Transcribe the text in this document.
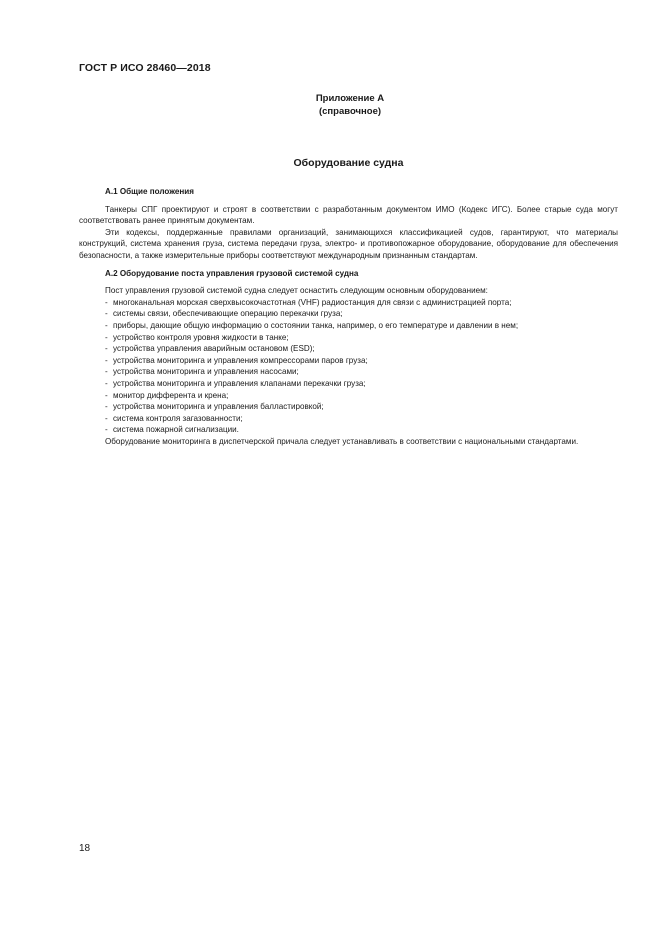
ГОСТ Р ИСО 28460—2018
Приложение А
(справочное)
Оборудование судна
А.1 Общие положения

Танкеры СПГ проектируют и строят в соответствии с разработанным документом ИМО (Кодекс ИГС). Более старые суда могут соответствовать ранее принятым документам.

Эти кодексы, поддержанные правилами организаций, занимающихся классификацией судов, гарантируют, что материалы конструкций, система хранения груза, система передачи груза, электро- и противопожарное оборудование, оборудование для обеспечения безопасности, а также измерительные приборы соответствуют международным признанным стандартам.

А.2 Оборудование поста управления грузовой системой судна

Пост управления грузовой системой судна следует оснастить следующим основным оборудованием:

- многоканальная морская сверхвысокочастотная (VHF) радиостанция для связи с администрацией порта;
- системы связи, обеспечивающие операцию перекачки груза;
- приборы, дающие общую информацию о состоянии танка, например, о его температуре и давлении в нем;
- устройство контроля уровня жидкости в танке;
- устройства управления аварийным остановом (ESD);
- устройства мониторинга и управления компрессорами паров груза;
- устройства мониторинга и управления насосами;
- устройства мониторинга и управления клапанами перекачки груза;
- монитор дифферента и крена;
- устройства мониторинга и управления балластировкой;
- система контроля загазованности;
- система пожарной сигнализации.

Оборудование мониторинга в диспетчерской причала следует устанавливать в соответствии с национальными стандартами.

18
